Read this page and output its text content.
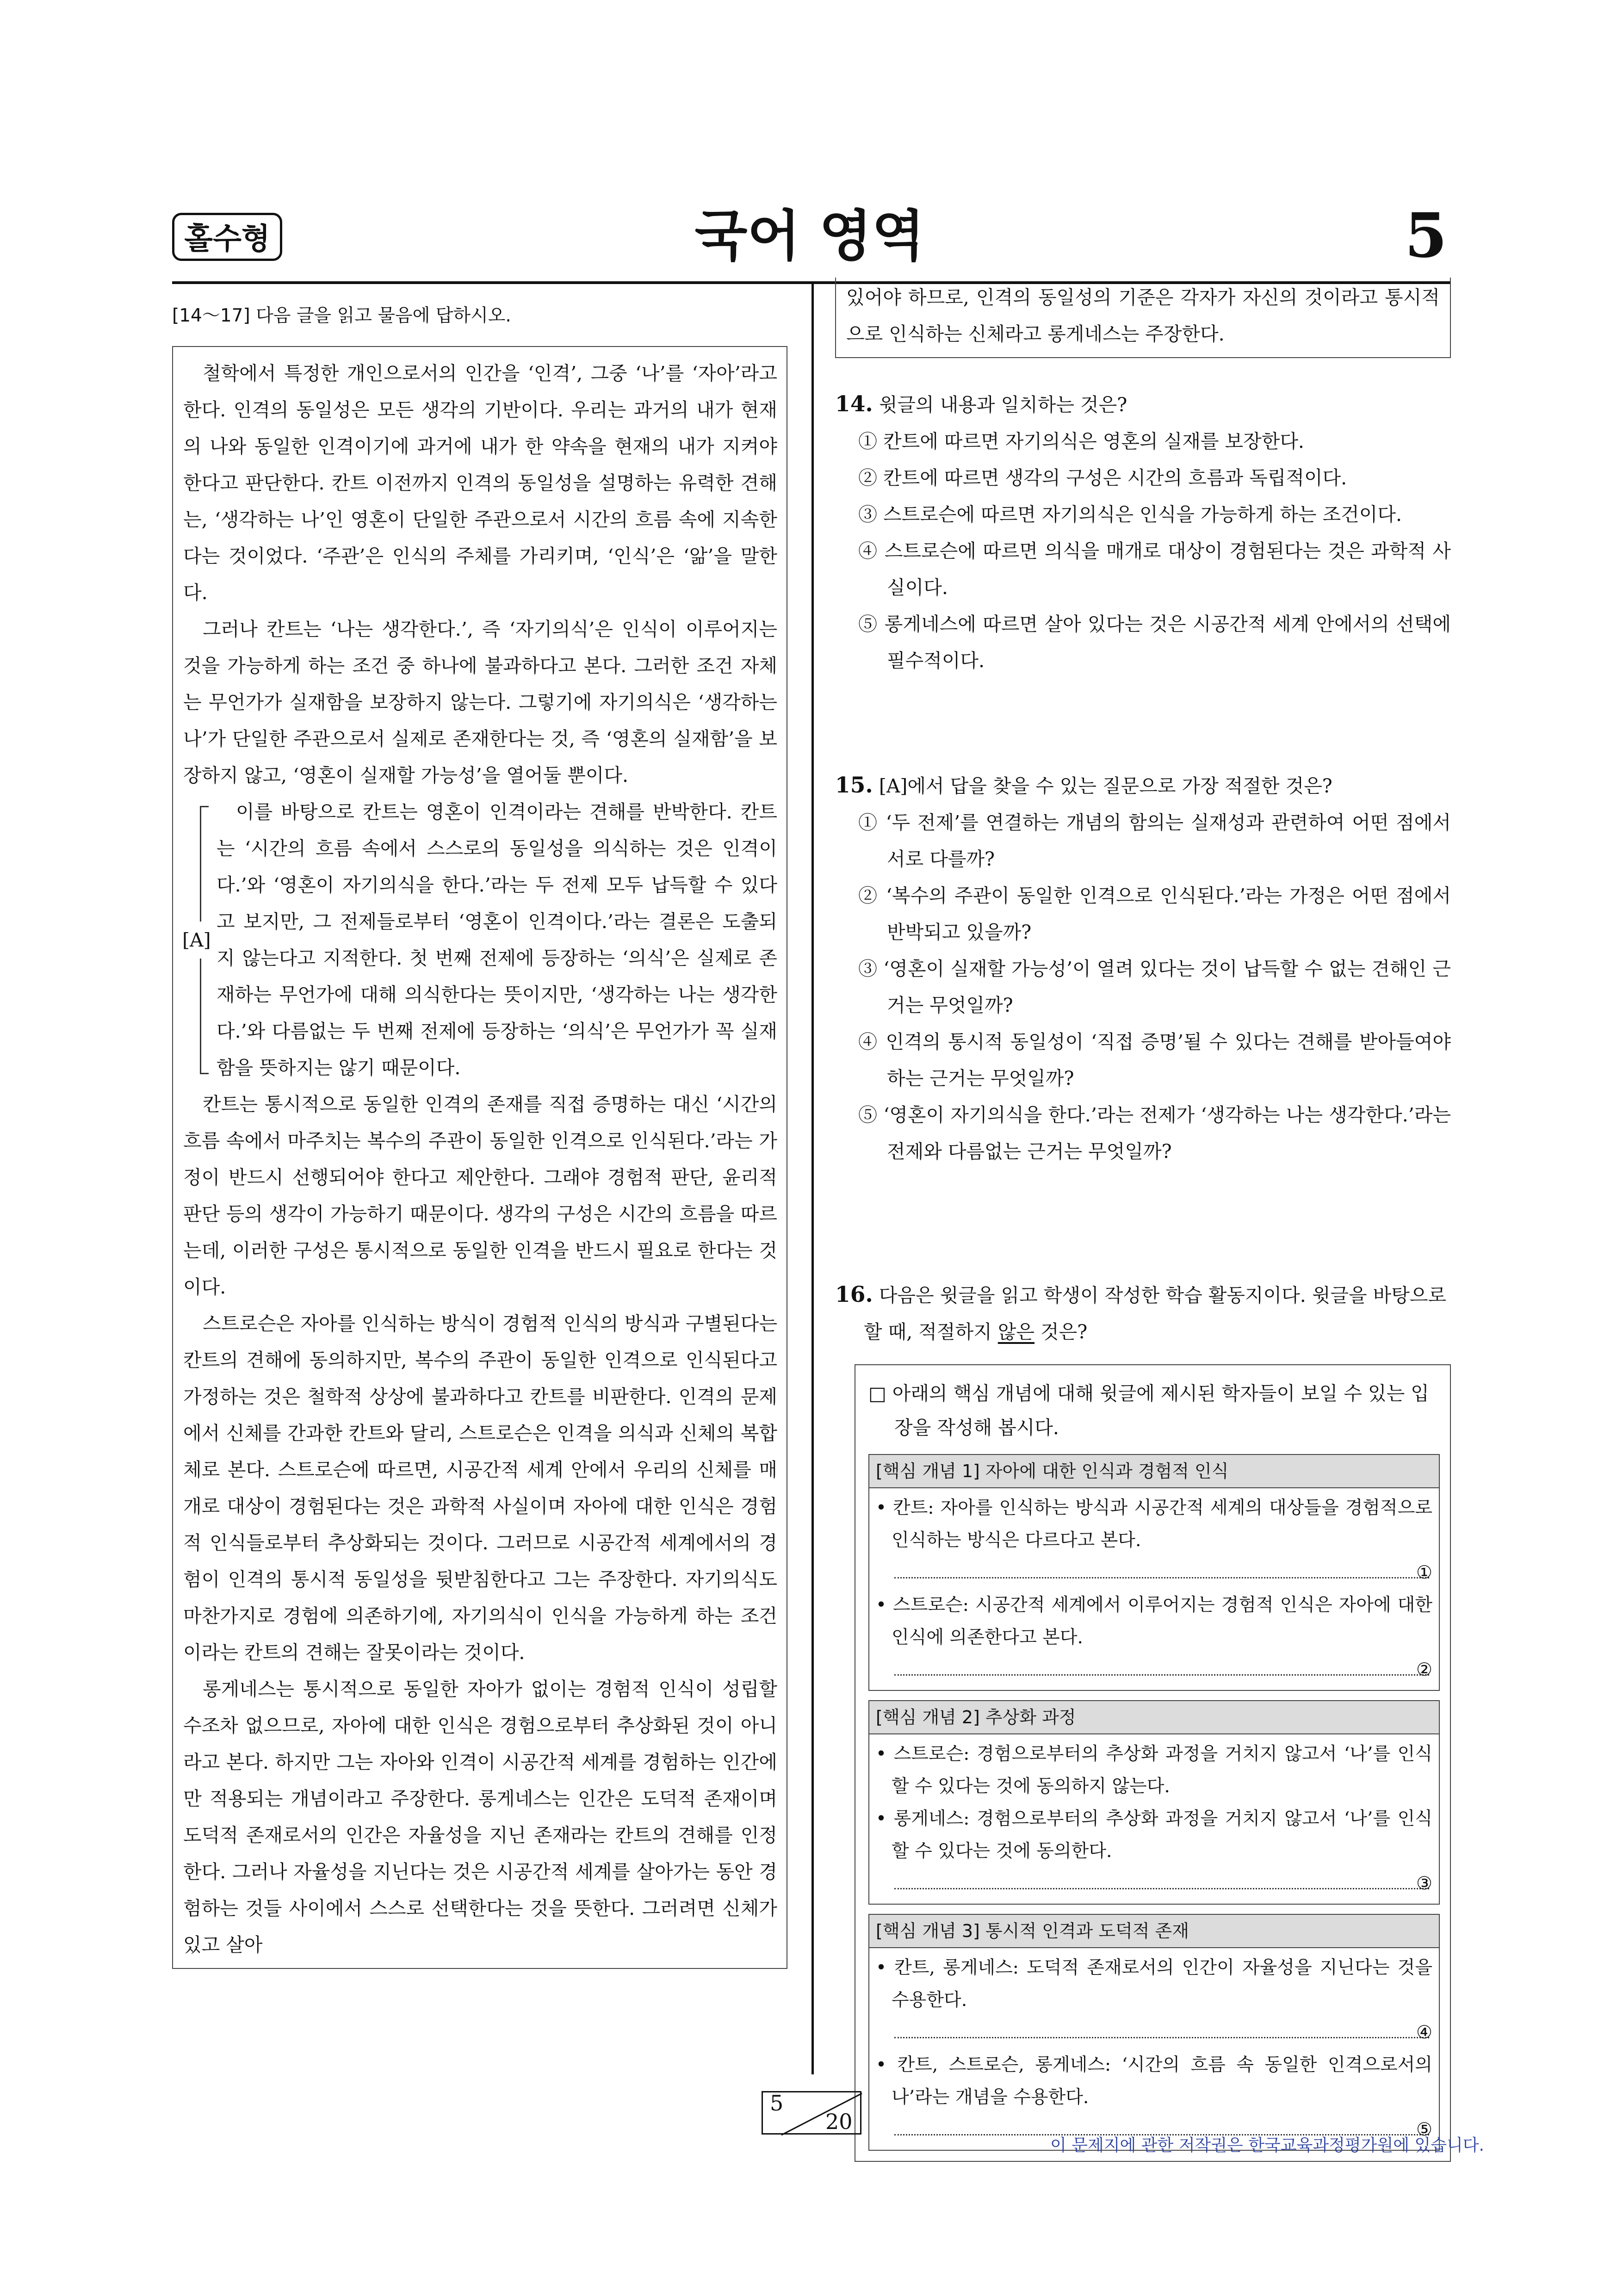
홀수형	국어 영역	5
[14～17] 다음 글을 읽고 물음에 답하시오.

철학에서 특정한 개인으로서의 인간을 ‘인격’, 그중 ‘나’를 ‘자아’라고 한다. 인격의 동일성은 모든 생각의 기반이다. 우리는 과거의 내가 현재의 나와 동일한 인격이기에 과거에 내가 한 약속을 현재의 내가 지켜야 한다고 판단한다. 칸트 이전까지 인격의 동일성을 설명하는 유력한 견해는, ‘생각하는 나’인 영혼이 단일한 주관으로서 시간의 흐름 속에 지속한다는 것이었다. ‘주관’은 인식의 주체를 가리키며, ‘인식’은 ‘앎’을 말한다.

그러나 칸트는 ‘나는 생각한다.’, 즉 ‘자기의식’은 인식이 이루어지는 것을 가능하게 하는 조건 중 하나에 불과하다고 본다. 그러한 조건 자체는 무언가가 실재함을 보장하지 않는다. 그렇기에 자기의식은 ‘생각하는 나’가 단일한 주관으로서 실제로 존재한다는 것, 즉 ‘영혼의 실재함’을 보장하지 않고, ‘영혼이 실재할 가능성’을 열어둘 뿐이다.

[A]

이를 바탕으로 칸트는 영혼이 인격이라는 견해를 반박한다. 칸트는 ‘시간의 흐름 속에서 스스로의 동일성을 의식하는 것은 인격이다.’와 ‘영혼이 자기의식을 한다.’라는 두 전제 모두 납득할 수 있다고 보지만, 그 전제들로부터 ‘영혼이 인격이다.’라는 결론은 도출되지 않는다고 지적한다. 첫 번째 전제에 등장하는 ‘의식’은 실제로 존재하는 무언가에 대해 의식한다는 뜻이지만, ‘생각하는 나는 생각한다.’와 다름없는 두 번째 전제에 등장하는 ‘의식’은 무언가가 꼭 실재함을 뜻하지는 않기 때문이다.

칸트는 통시적으로 동일한 인격의 존재를 직접 증명하는 대신 ‘시간의 흐름 속에서 마주치는 복수의 주관이 동일한 인격으로 인식된다.’라는 가정이 반드시 선행되어야 한다고 제안한다. 그래야 경험적 판단, 윤리적 판단 등의 생각이 가능하기 때문이다. 생각의 구성은 시간의 흐름을 따르는데, 이러한 구성은 통시적으로 동일한 인격을 반드시 필요로 한다는 것이다.

스트로슨은 자아를 인식하는 방식이 경험적 인식의 방식과 구별된다는 칸트의 견해에 동의하지만, 복수의 주관이 동일한 인격으로 인식된다고 가정하는 것은 철학적 상상에 불과하다고 칸트를 비판한다. 인격의 문제에서 신체를 간과한 칸트와 달리, 스트로슨은 인격을 의식과 신체의 복합체로 본다. 스트로슨에 따르면, 시공간적 세계 안에서 우리의 신체를 매개로 대상이 경험된다는 것은 과학적 사실이며 자아에 대한 인식은 경험적 인식들로부터 추상화되는 것이다. 그러므로 시공간적 세계에서의 경험이 인격의 통시적 동일성을 뒷받침한다고 그는 주장한다. 자기의식도 마찬가지로 경험에 의존하기에, 자기의식이 인식을 가능하게 하는 조건이라는 칸트의 견해는 잘못이라는 것이다.

롱게네스는 통시적으로 동일한 자아가 없이는 경험적 인식이 성립할 수조차 없으므로, 자아에 대한 인식은 경험으로부터 추상화된 것이 아니라고 본다. 하지만 그는 자아와 인격이 시공간적 세계를 경험하는 인간에만 적용되는 개념이라고 주장한다. 롱게네스는 인간은 도덕적 존재이며 도덕적 존재로서의 인간은 자율성을 지닌 존재라는 칸트의 견해를 인정한다. 그러나 자율성을 지닌다는 것은 시공간적 세계를 살아가는 동안 경험하는 것들 사이에서 스스로 선택한다는 것을 뜻한다. 그러려면 신체가 있고 살아

있어야 하므로, 인격의 동일성의 기준은 각자가 자신의 것이라고 통시적으로 인식하는 신체라고 롱게네스는 주장한다.

14. 윗글의 내용과 일치하는 것은?

① 칸트에 따르면 자기의식은 영혼의 실재를 보장한다.

② 칸트에 따르면 생각의 구성은 시간의 흐름과 독립적이다.

③ 스트로슨에 따르면 자기의식은 인식을 가능하게 하는 조건이다.

④ 스트로슨에 따르면 의식을 매개로 대상이 경험된다는 것은 과학적 사실이다.

⑤ 롱게네스에 따르면 살아 있다는 것은 시공간적 세계 안에서의 선택에 필수적이다.

15. [A]에서 답을 찾을 수 있는 질문으로 가장 적절한 것은?

① ‘두 전제’를 연결하는 개념의 함의는 실재성과 관련하여 어떤 점에서 서로 다를까?

② ‘복수의 주관이 동일한 인격으로 인식된다.’라는 가정은 어떤 점에서 반박되고 있을까?

③ ‘영혼이 실재할 가능성’이 열려 있다는 것이 납득할 수 없는 견해인 근거는 무엇일까?

④ 인격의 통시적 동일성이 ‘직접 증명’될 수 있다는 견해를 받아들여야 하는 근거는 무엇일까?

⑤ ‘영혼이 자기의식을 한다.’라는 전제가 ‘생각하는 나는 생각한다.’라는 전제와 다름없는 근거는 무엇일까?

16. 다음은 윗글을 읽고 학생이 작성한 학습 활동지이다. 윗글을 바탕으로 할 때, 적절하지 않은 것은?

□ 아래의 핵심 개념에 대해 윗글에 제시된 학자들이 보일 수 있는 입장을 작성해 봅시다.

[핵심 개념 1] 자아에 대한 인식과 경험적 인식

• 칸트: 자아를 인식하는 방식과 시공간적 세계의 대상들을 경험적으로 인식하는 방식은 다르다고 본다.
①

• 스트로슨: 시공간적 세계에서 이루어지는 경험적 인식은 자아에 대한 인식에 의존한다고 본다.
②

[핵심 개념 2] 추상화 과정

• 스트로슨: 경험으로부터의 추상화 과정을 거치지 않고서 ‘나’를 인식할 수 있다는 것에 동의하지 않는다.

• 롱게네스: 경험으로부터의 추상화 과정을 거치지 않고서 ‘나’를 인식할 수 있다는 것에 동의한다.
③

[핵심 개념 3] 통시적 인격과 도덕적 존재

• 칸트, 롱게네스: 도덕적 존재로서의 인간이 자율성을 지닌다는 것을 수용한다.
④

• 칸트, 스트로슨, 롱게네스: ‘시간의 흐름 속 동일한 인격으로서의 나’라는 개념을 수용한다.
⑤

5
20
이 문제지에 관한 저작권은 한국교육과정평가원에 있습니다.
